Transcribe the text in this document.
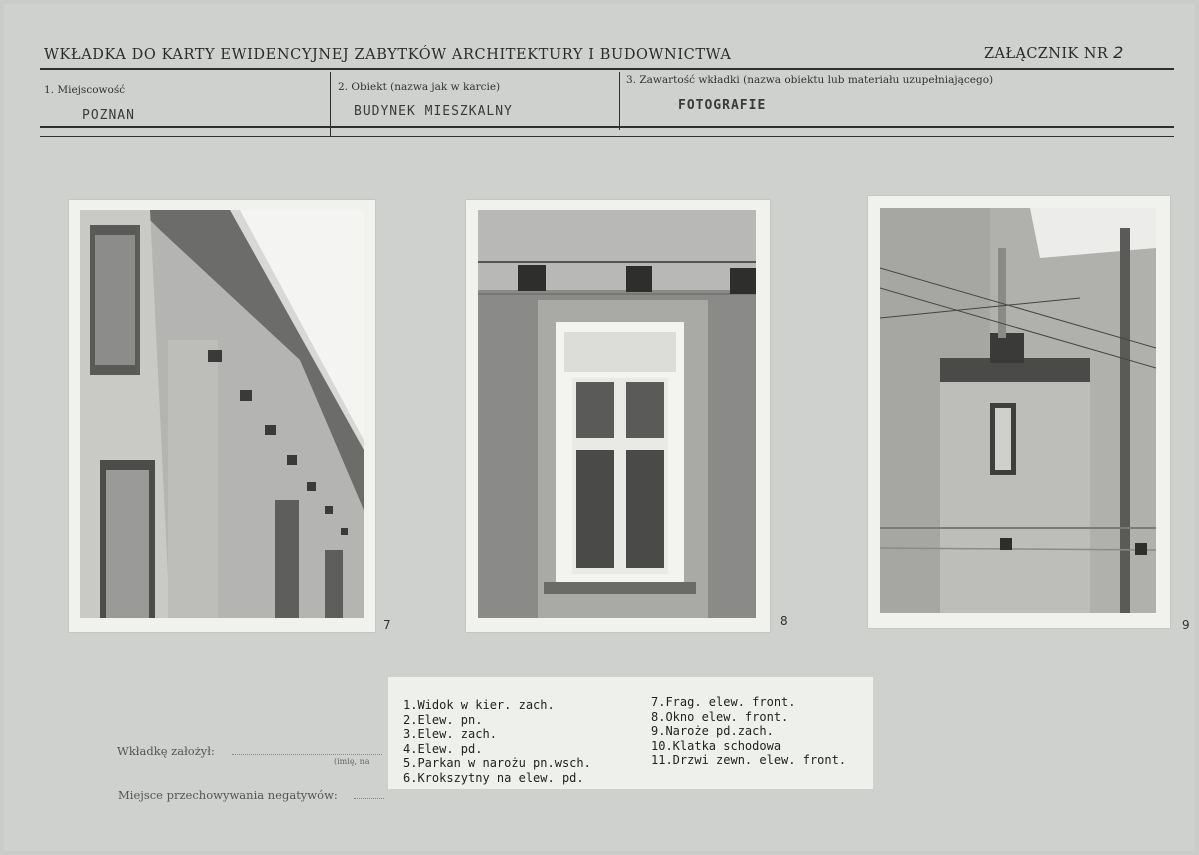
WKŁADKA DO KARTY EWIDENCYJNEJ ZABYTKÓW ARCHITEKTURY I BUDOWNICTWA	ZAŁĄCZNIK NR 2
1. Miejscowość
POZNAN
2. Obiekt (nazwa jak w karcie)
BUDYNEK MIESZKALNY
3. Zawartość wkładki (nazwa obiektu lub materiału uzupełniającego)
FOTOGRAFIE
7	8	9
1.Widok w kier. zach.
2.Elew. pn.
3.Elew. zach.
4.Elew. pd.
5.Parkan w narożu pn.wsch.
6.Krokszytny na elew. pd.
7.Frag. elew. front.
8.Okno elew. front.
9.Naroże pd.zach.
10.Klatka schodowa
11.Drzwi zewn. elew. front.
Wkładkę założył:
(imię, na
Miejsce przechowywania negatywów:
